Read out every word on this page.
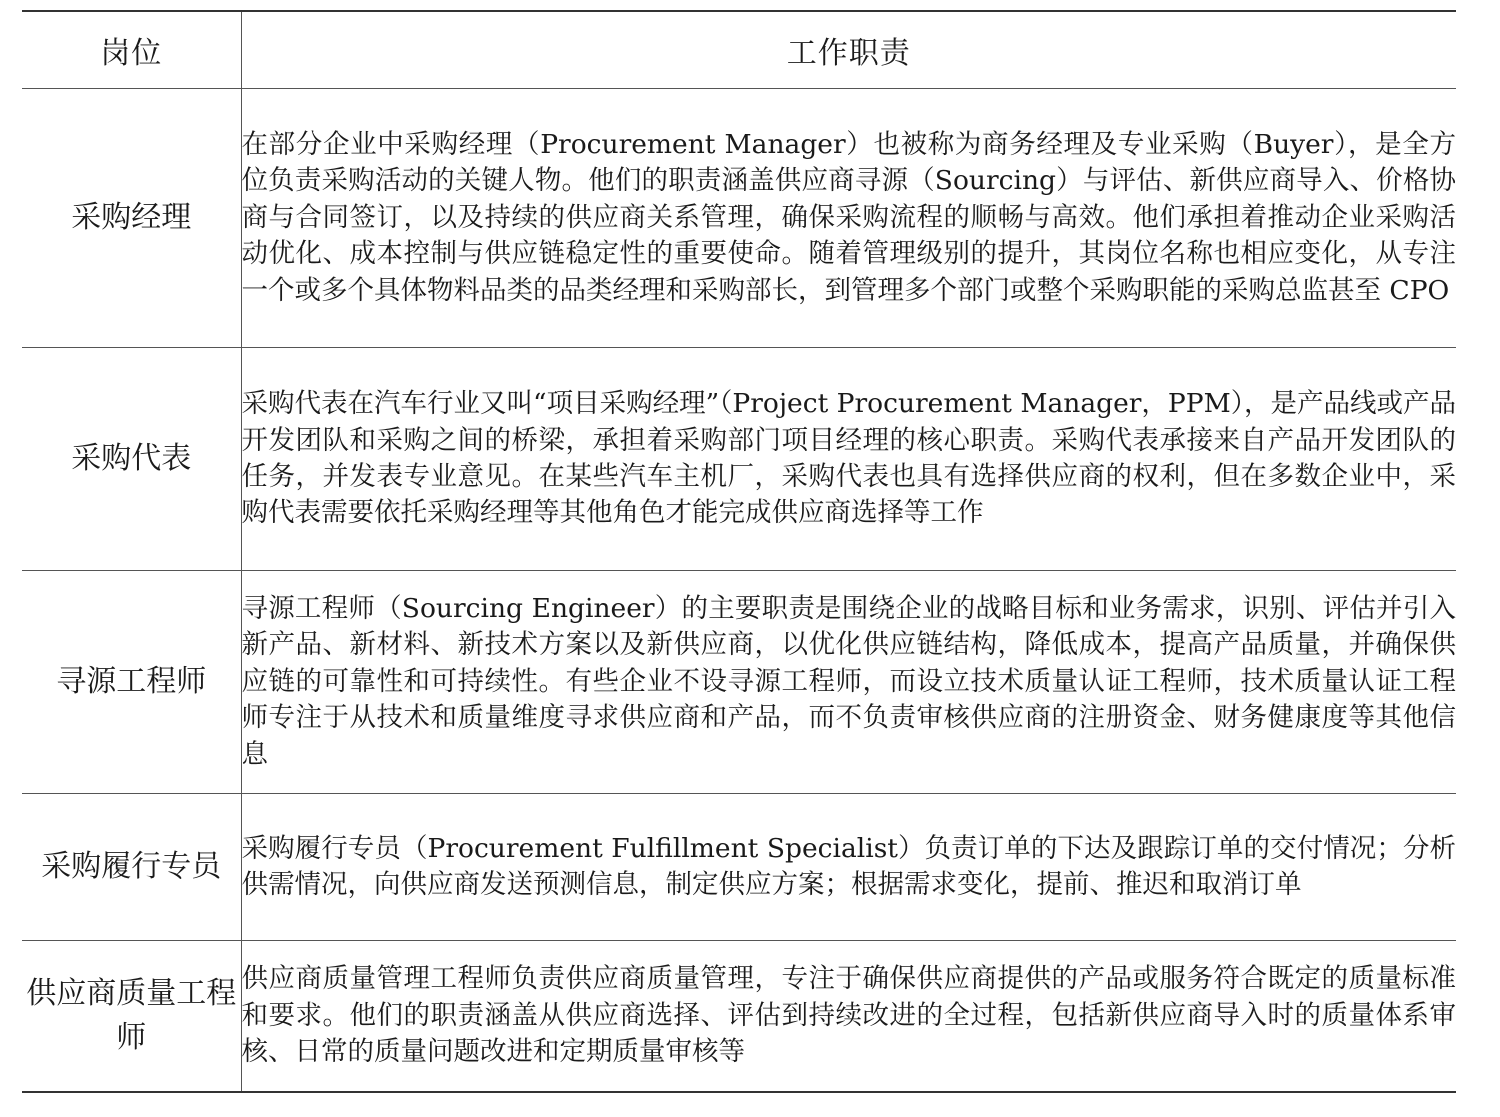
岗位	工作职责
采购经理	在部分企业中采购经理（Procurement Manager）也被称为商务经理及专业采购（Buyer），是全方位负责采购活动的关键人物。他们的职责涵盖供应商寻源（Sourcing）与评估、新供应商导入、价格协商与合同签订，以及持续的供应商关系管理，确保采购流程的顺畅与高效。他们承担着推动企业采购活动优化、成本控制与供应链稳定性的重要使命。随着管理级别的提升，其岗位名称也相应变化，从专注一个或多个具体物料品类的品类经理和采购部长，到管理多个部门或整个采购职能的采购总监甚至 CPO
采购代表	采购代表在汽车行业又叫“项目采购经理”（Project Procurement Manager，PPM），是产品线或产品开发团队和采购之间的桥梁，承担着采购部门项目经理的核心职责。采购代表承接来自产品开发团队的任务，并发表专业意见。在某些汽车主机厂，采购代表也具有选择供应商的权利，但在多数企业中，采购代表需要依托采购经理等其他角色才能完成供应商选择等工作
寻源工程师	寻源工程师（Sourcing Engineer）的主要职责是围绕企业的战略目标和业务需求，识别、评估并引入新产品、新材料、新技术方案以及新供应商，以优化供应链结构，降低成本，提高产品质量，并确保供应链的可靠性和可持续性。有些企业不设寻源工程师，而设立技术质量认证工程师，技术质量认证工程师专注于从技术和质量维度寻求供应商和产品，而不负责审核供应商的注册资金、财务健康度等其他信息
采购履行专员	采购履行专员（Procurement Fulfillment Specialist）负责订单的下达及跟踪订单的交付情况；分析供需情况，向供应商发送预测信息，制定供应方案；根据需求变化，提前、推迟和取消订单
供应商质量工程师	供应商质量管理工程师负责供应商质量管理，专注于确保供应商提供的产品或服务符合既定的质量标准和要求。他们的职责涵盖从供应商选择、评估到持续改进的全过程，包括新供应商导入时的质量体系审核、日常的质量问题改进和定期质量审核等
